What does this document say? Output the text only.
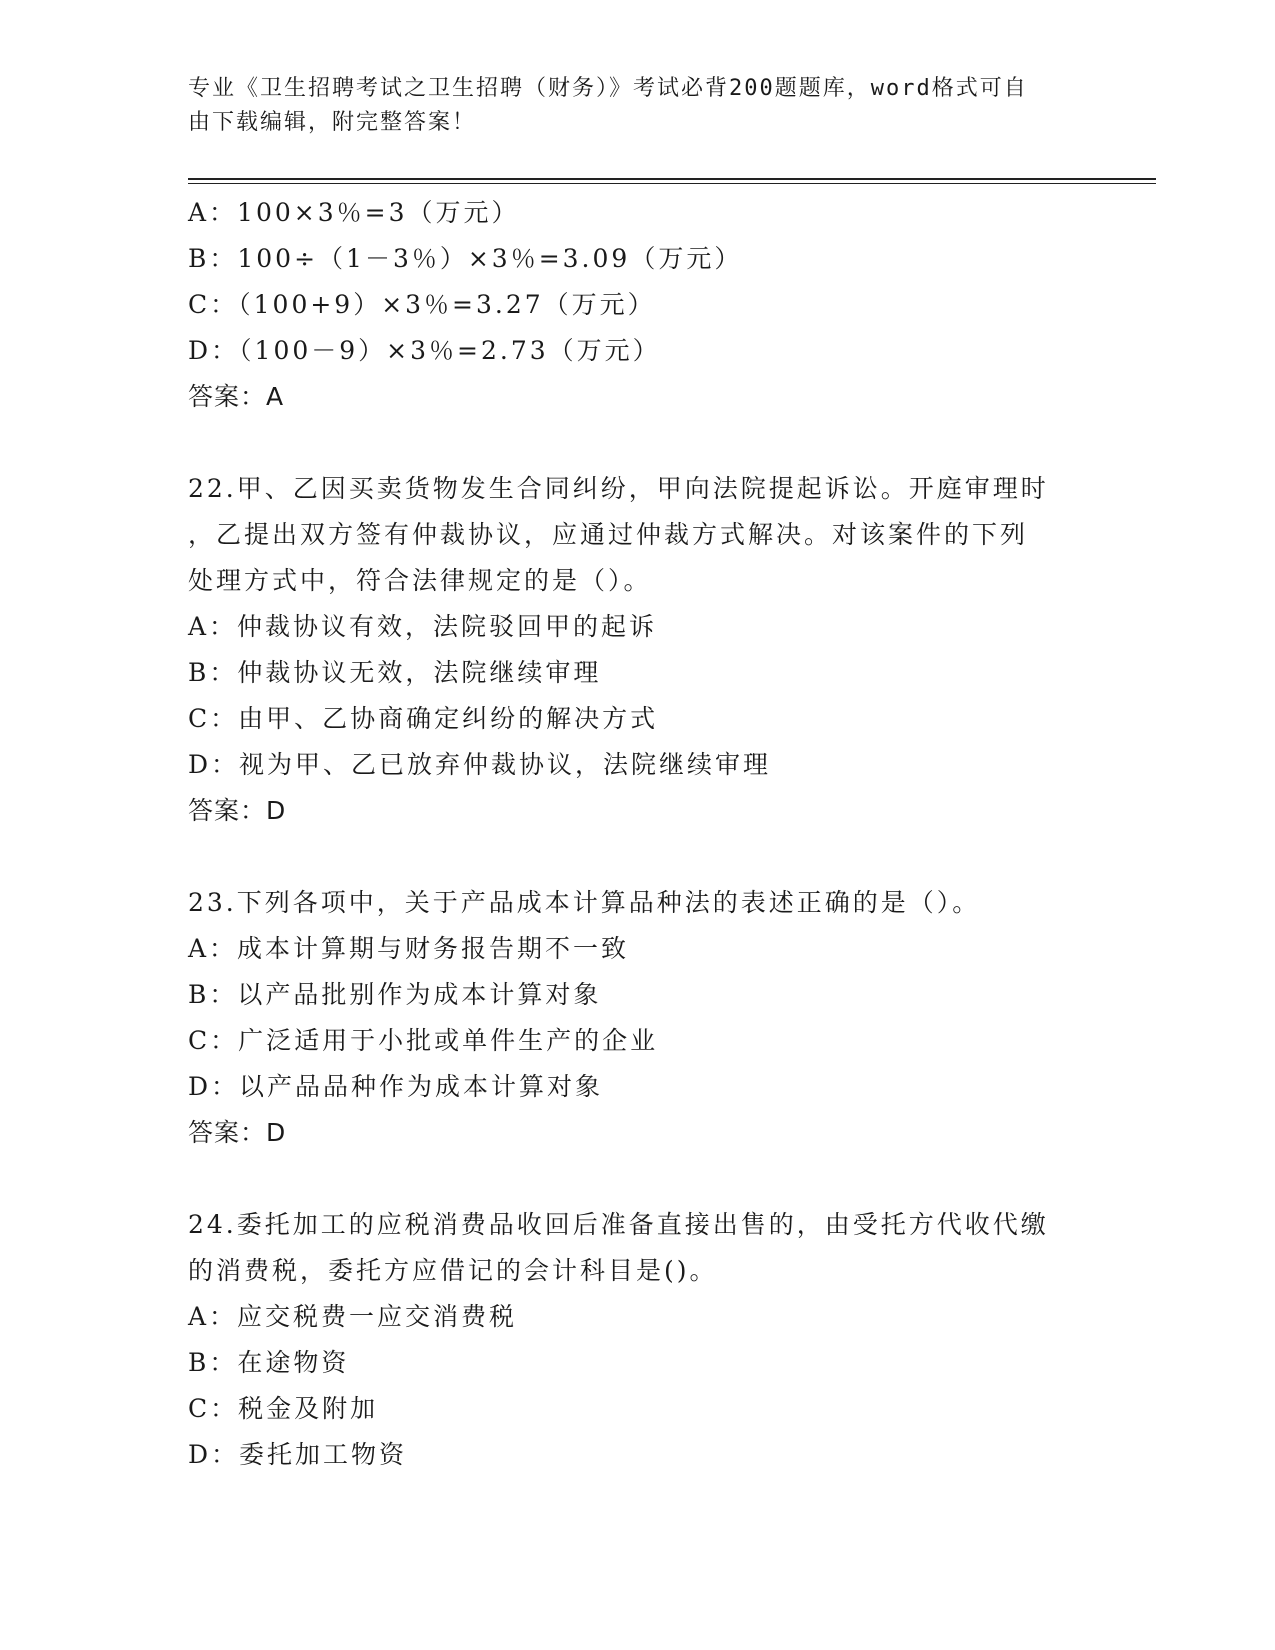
专业《卫生招聘考试之卫生招聘（财务）》考试必背200题题库，word格式可自
由下载编辑，附完整答案！
A：100×3％=3（万元）
B：100÷（1－3％）×3％=3.09（万元）
C：（100+9）×3％=3.27（万元）
D：（100－9）×3％=2.73（万元）
答案：A
22.甲、乙因买卖货物发生合同纠纷，甲向法院提起诉讼。开庭审理时
，乙提出双方签有仲裁协议，应通过仲裁方式解决。对该案件的下列
处理方式中，符合法律规定的是（）。
A：仲裁协议有效，法院驳回甲的起诉
B：仲裁协议无效，法院继续审理
C：由甲、乙协商确定纠纷的解决方式
D：视为甲、乙已放弃仲裁协议，法院继续审理
答案：D
23.下列各项中，关于产品成本计算品种法的表述正确的是（）。
A：成本计算期与财务报告期不一致
B：以产品批别作为成本计算对象
C：广泛适用于小批或单件生产的企业
D：以产品品种作为成本计算对象
答案：D
24.委托加工的应税消费品收回后准备直接出售的，由受托方代收代缴
的消费税，委托方应借记的会计科目是()。
A：应交税费一应交消费税
B：在途物资
C：税金及附加
D：委托加工物资
